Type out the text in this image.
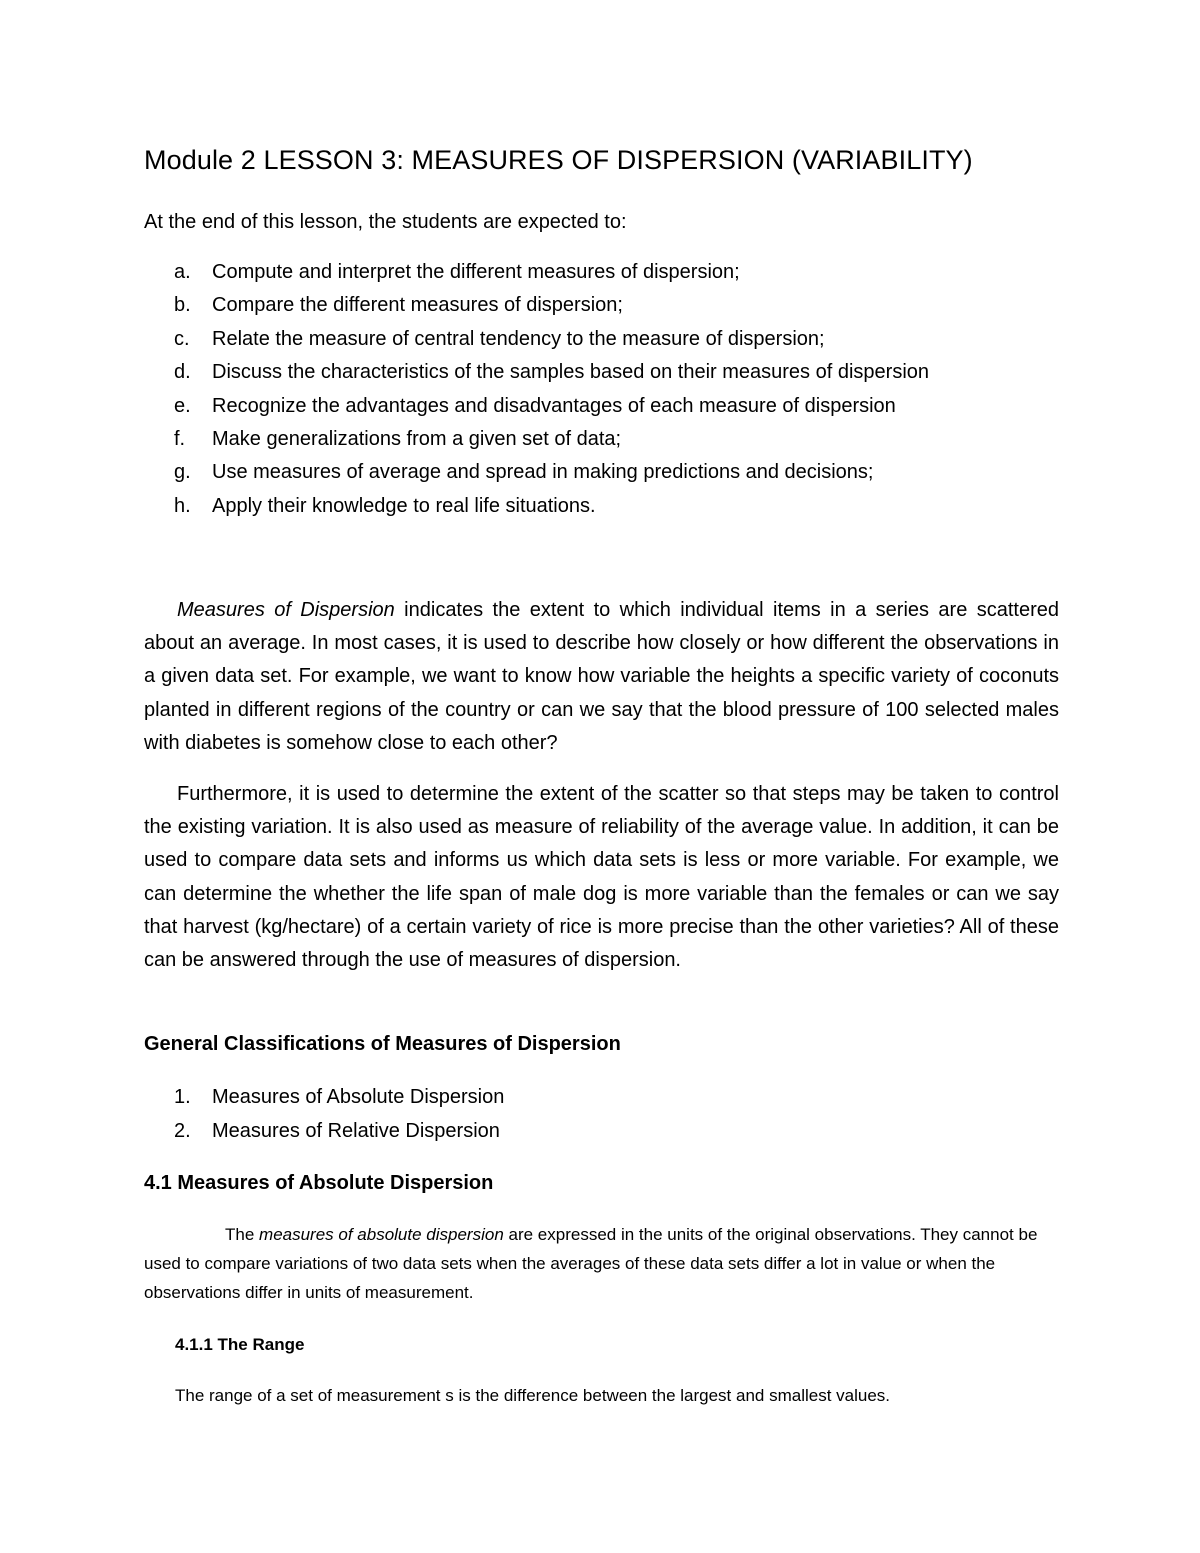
Module 2 LESSON 3: MEASURES OF DISPERSION (VARIABILITY)
At the end of this lesson, the students are expected to:
a.	Compute and interpret the different measures of dispersion;
b.	Compare the different measures of dispersion;
c.	Relate the measure of central tendency to the measure of dispersion;
d.	Discuss the characteristics of the samples based on their measures of dispersion
e.	Recognize the advantages and disadvantages of each measure of dispersion
f.	Make generalizations from a given set of data;
g.	Use measures of average and spread in making predictions and decisions;
h.	Apply their knowledge to real life situations.

Measures of Dispersion indicates the extent to which individual items in a series are scattered about an average. In most cases, it is used to describe how closely or how different the observations in a given data set. For example, we want to know how variable the heights a specific variety of coconuts planted in different regions of the country or can we say that the blood pressure of 100 selected males with diabetes is somehow close to each other?

Furthermore, it is used to determine the extent of the scatter so that steps may be taken to control the existing variation. It is also used as measure of reliability of the average value. In addition, it can be used to compare data sets and informs us which data sets is less or more variable. For example, we can determine the whether the life span of male dog is more variable than the females or can we say that harvest (kg/hectare) of a certain variety of rice is more precise than the other varieties? All of these can be answered through the use of measures of dispersion.

General Classifications of Measures of Dispersion
1.	Measures of Absolute Dispersion
2.	Measures of Relative Dispersion
4.1 Measures of Absolute Dispersion

The measures of absolute dispersion are expressed in the units of the original observations. They cannot be used to compare variations of two data sets when the averages of these data sets differ a lot in value or when the observations differ in units of measurement.

4.1.1 The Range

The range of a set of measurement s is the difference between the largest and smallest values.
